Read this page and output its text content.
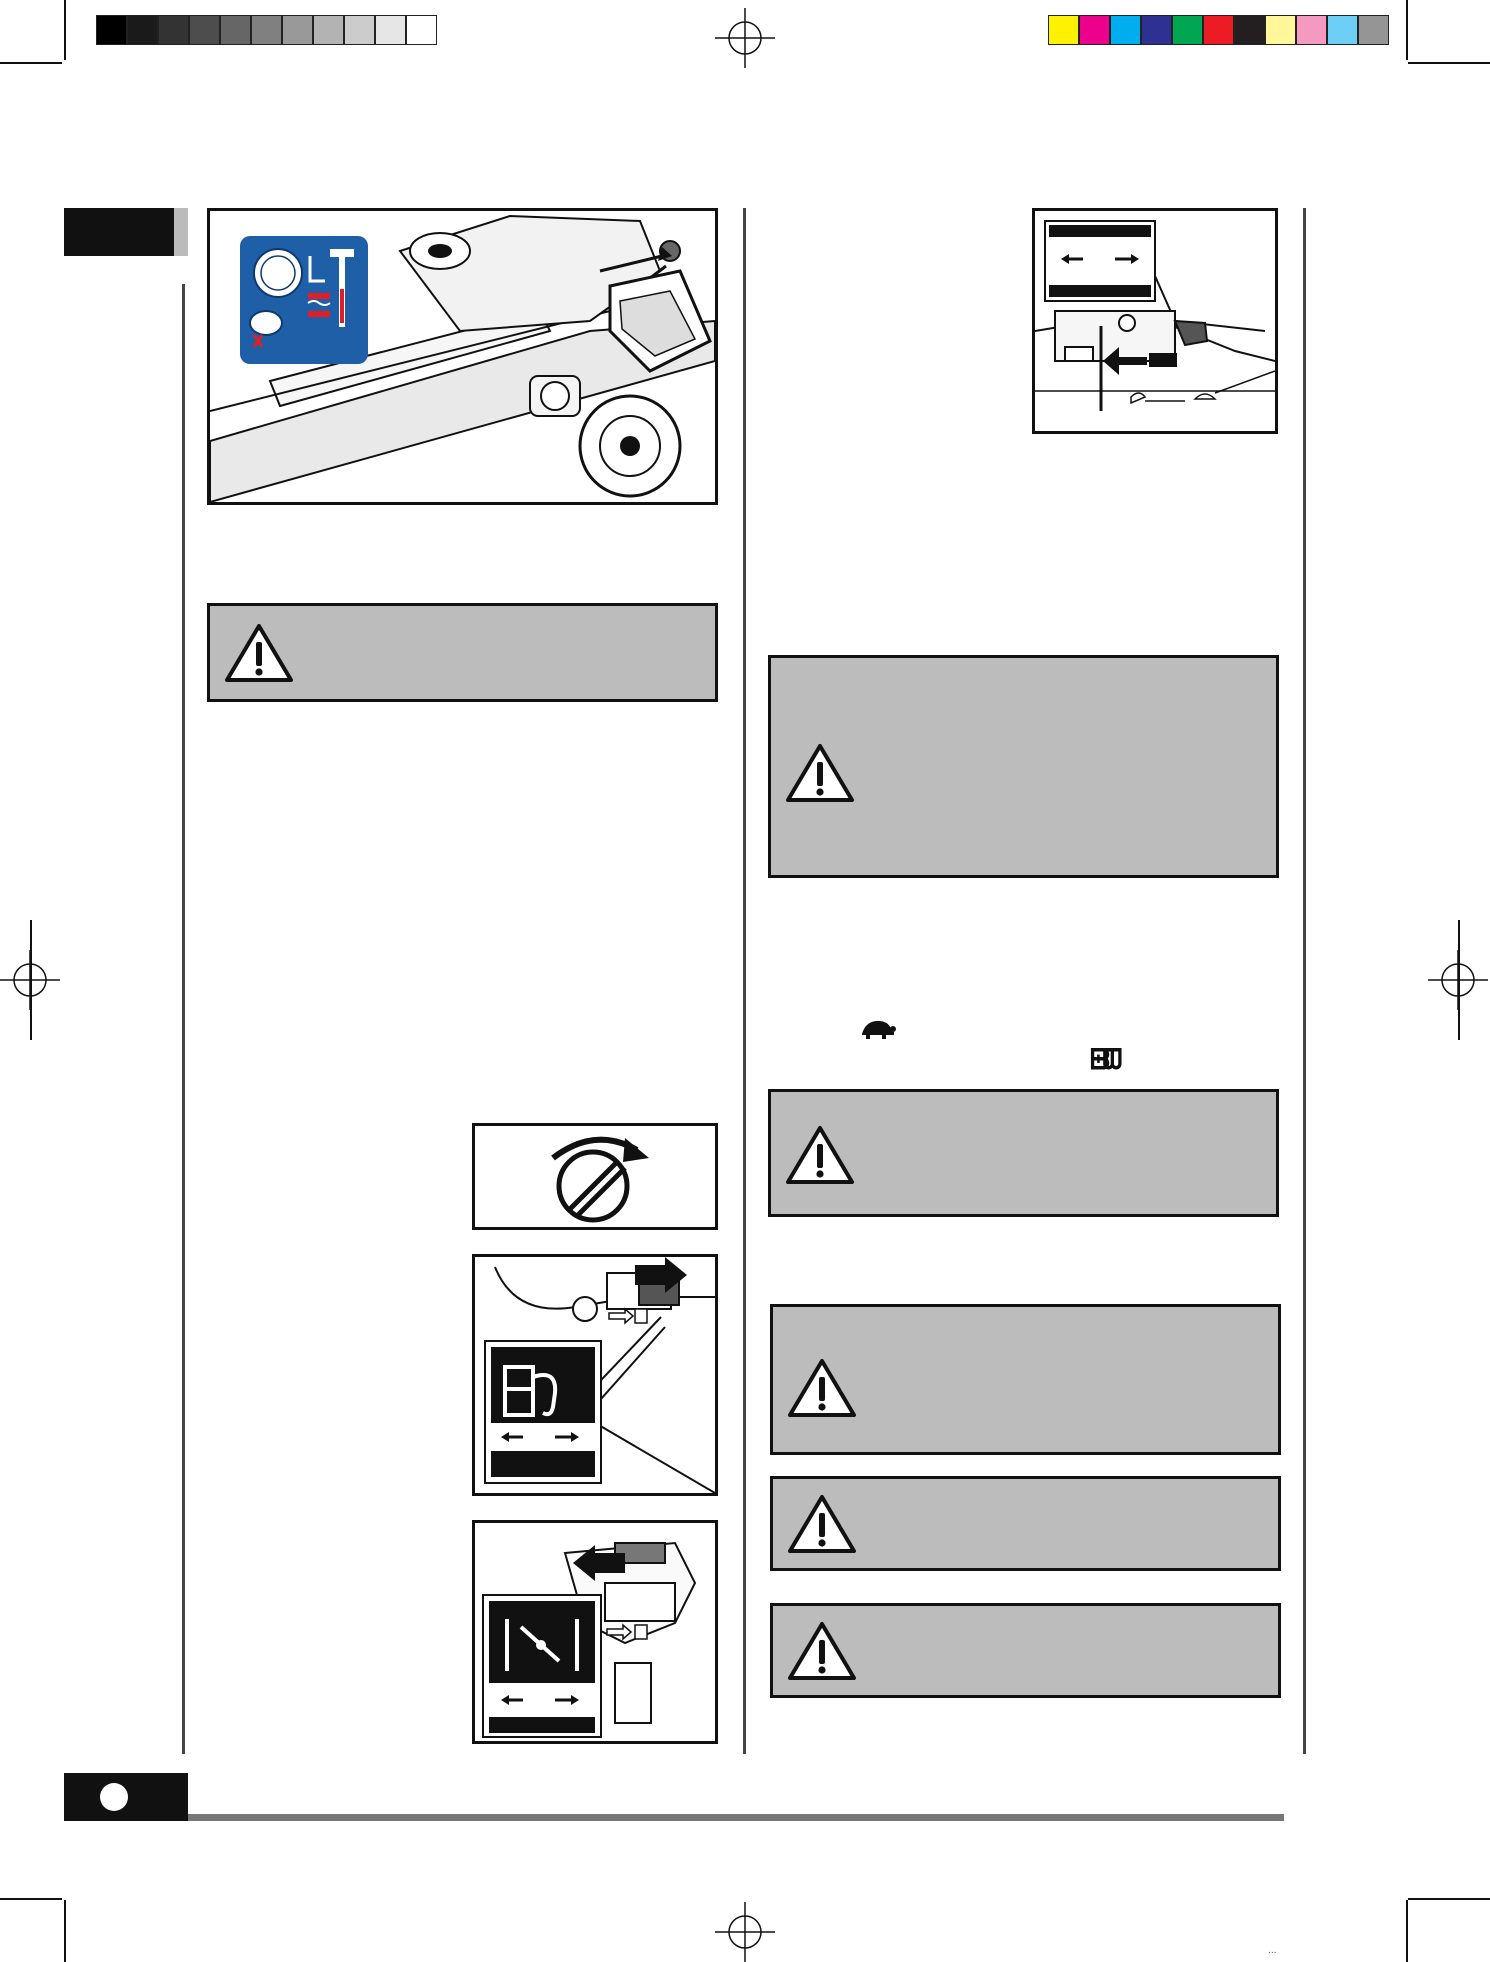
...
ᗸᗵ
